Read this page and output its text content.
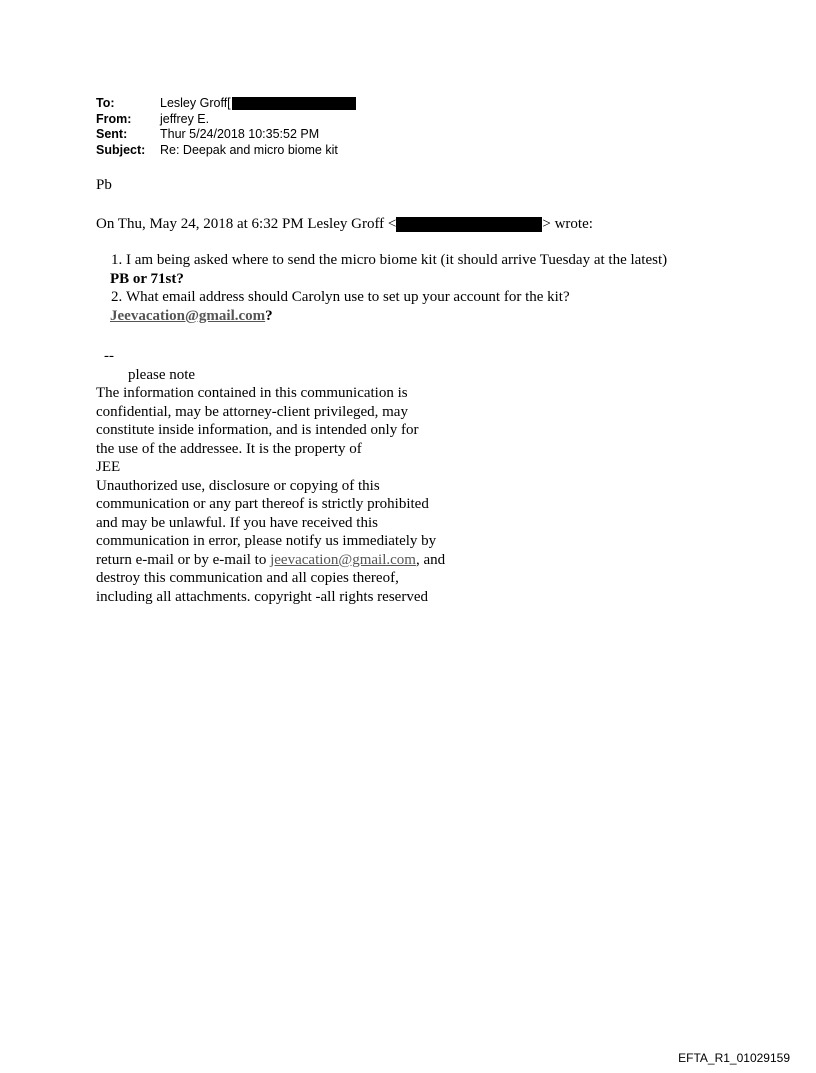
To:	Lesley Groff[
From:	jeffrey E.
Sent:	Thur 5/24/2018 10:35:52 PM
Subject:	Re: Deepak and micro biome kit

Pb

On Thu, May 24, 2018 at 6:32 PM Lesley Groff <	> wrote:

1. I am being asked where to send the micro biome kit (it should arrive Tuesday at the latest)
PB or 71st?
2. What email address should Carolyn use to set up your account for the kit?
Jeevacation@gmail.com?
--
please note
The information contained in this communication is
confidential, may be attorney-client privileged, may
constitute inside information, and is intended only for
the use of the addressee. It is the property of
JEE
Unauthorized use, disclosure or copying of this
communication or any part thereof is strictly prohibited
and may be unlawful. If you have received this
communication in error, please notify us immediately by
return e-mail or by e-mail to jeevacation@gmail.com, and
destroy this communication and all copies thereof,
including all attachments. copyright -all rights reserved
EFTA_R1_01029159
